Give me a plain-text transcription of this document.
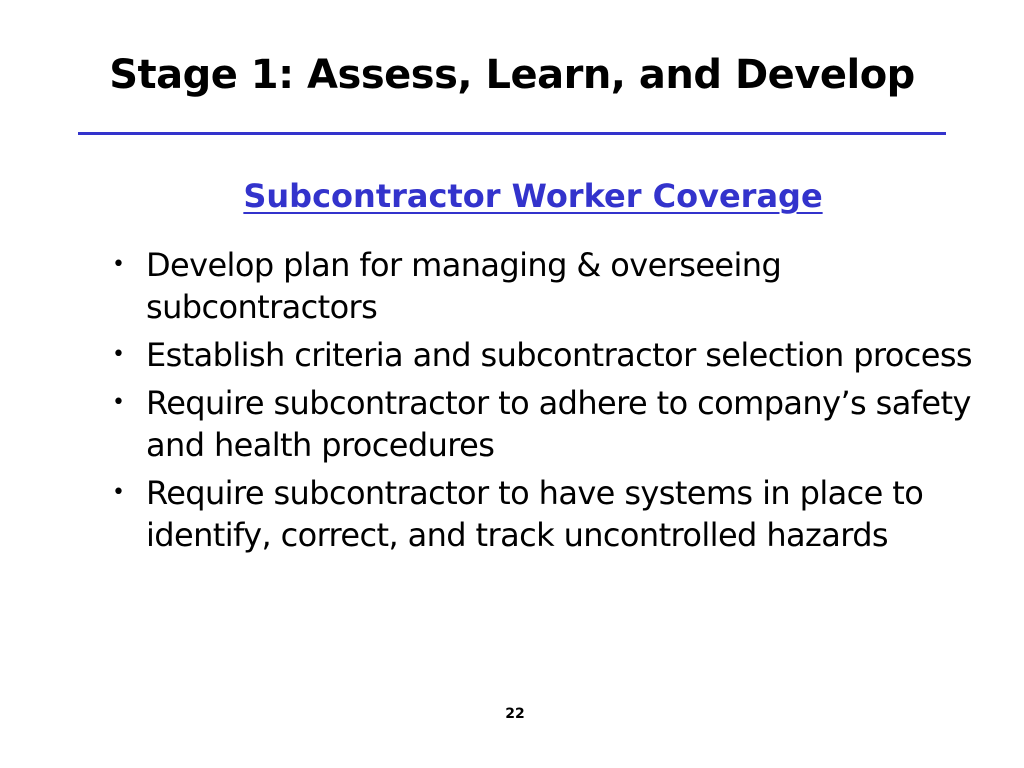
Stage 1: Assess, Learn, and Develop
Subcontractor Worker Coverage
• Develop plan for managing & overseeing subcontractors
• Establish criteria and subcontractor selection process
• Require subcontractor to adhere to company’s safety and health procedures
• Require subcontractor to have systems in place to identify, correct, and track uncontrolled hazards
22
